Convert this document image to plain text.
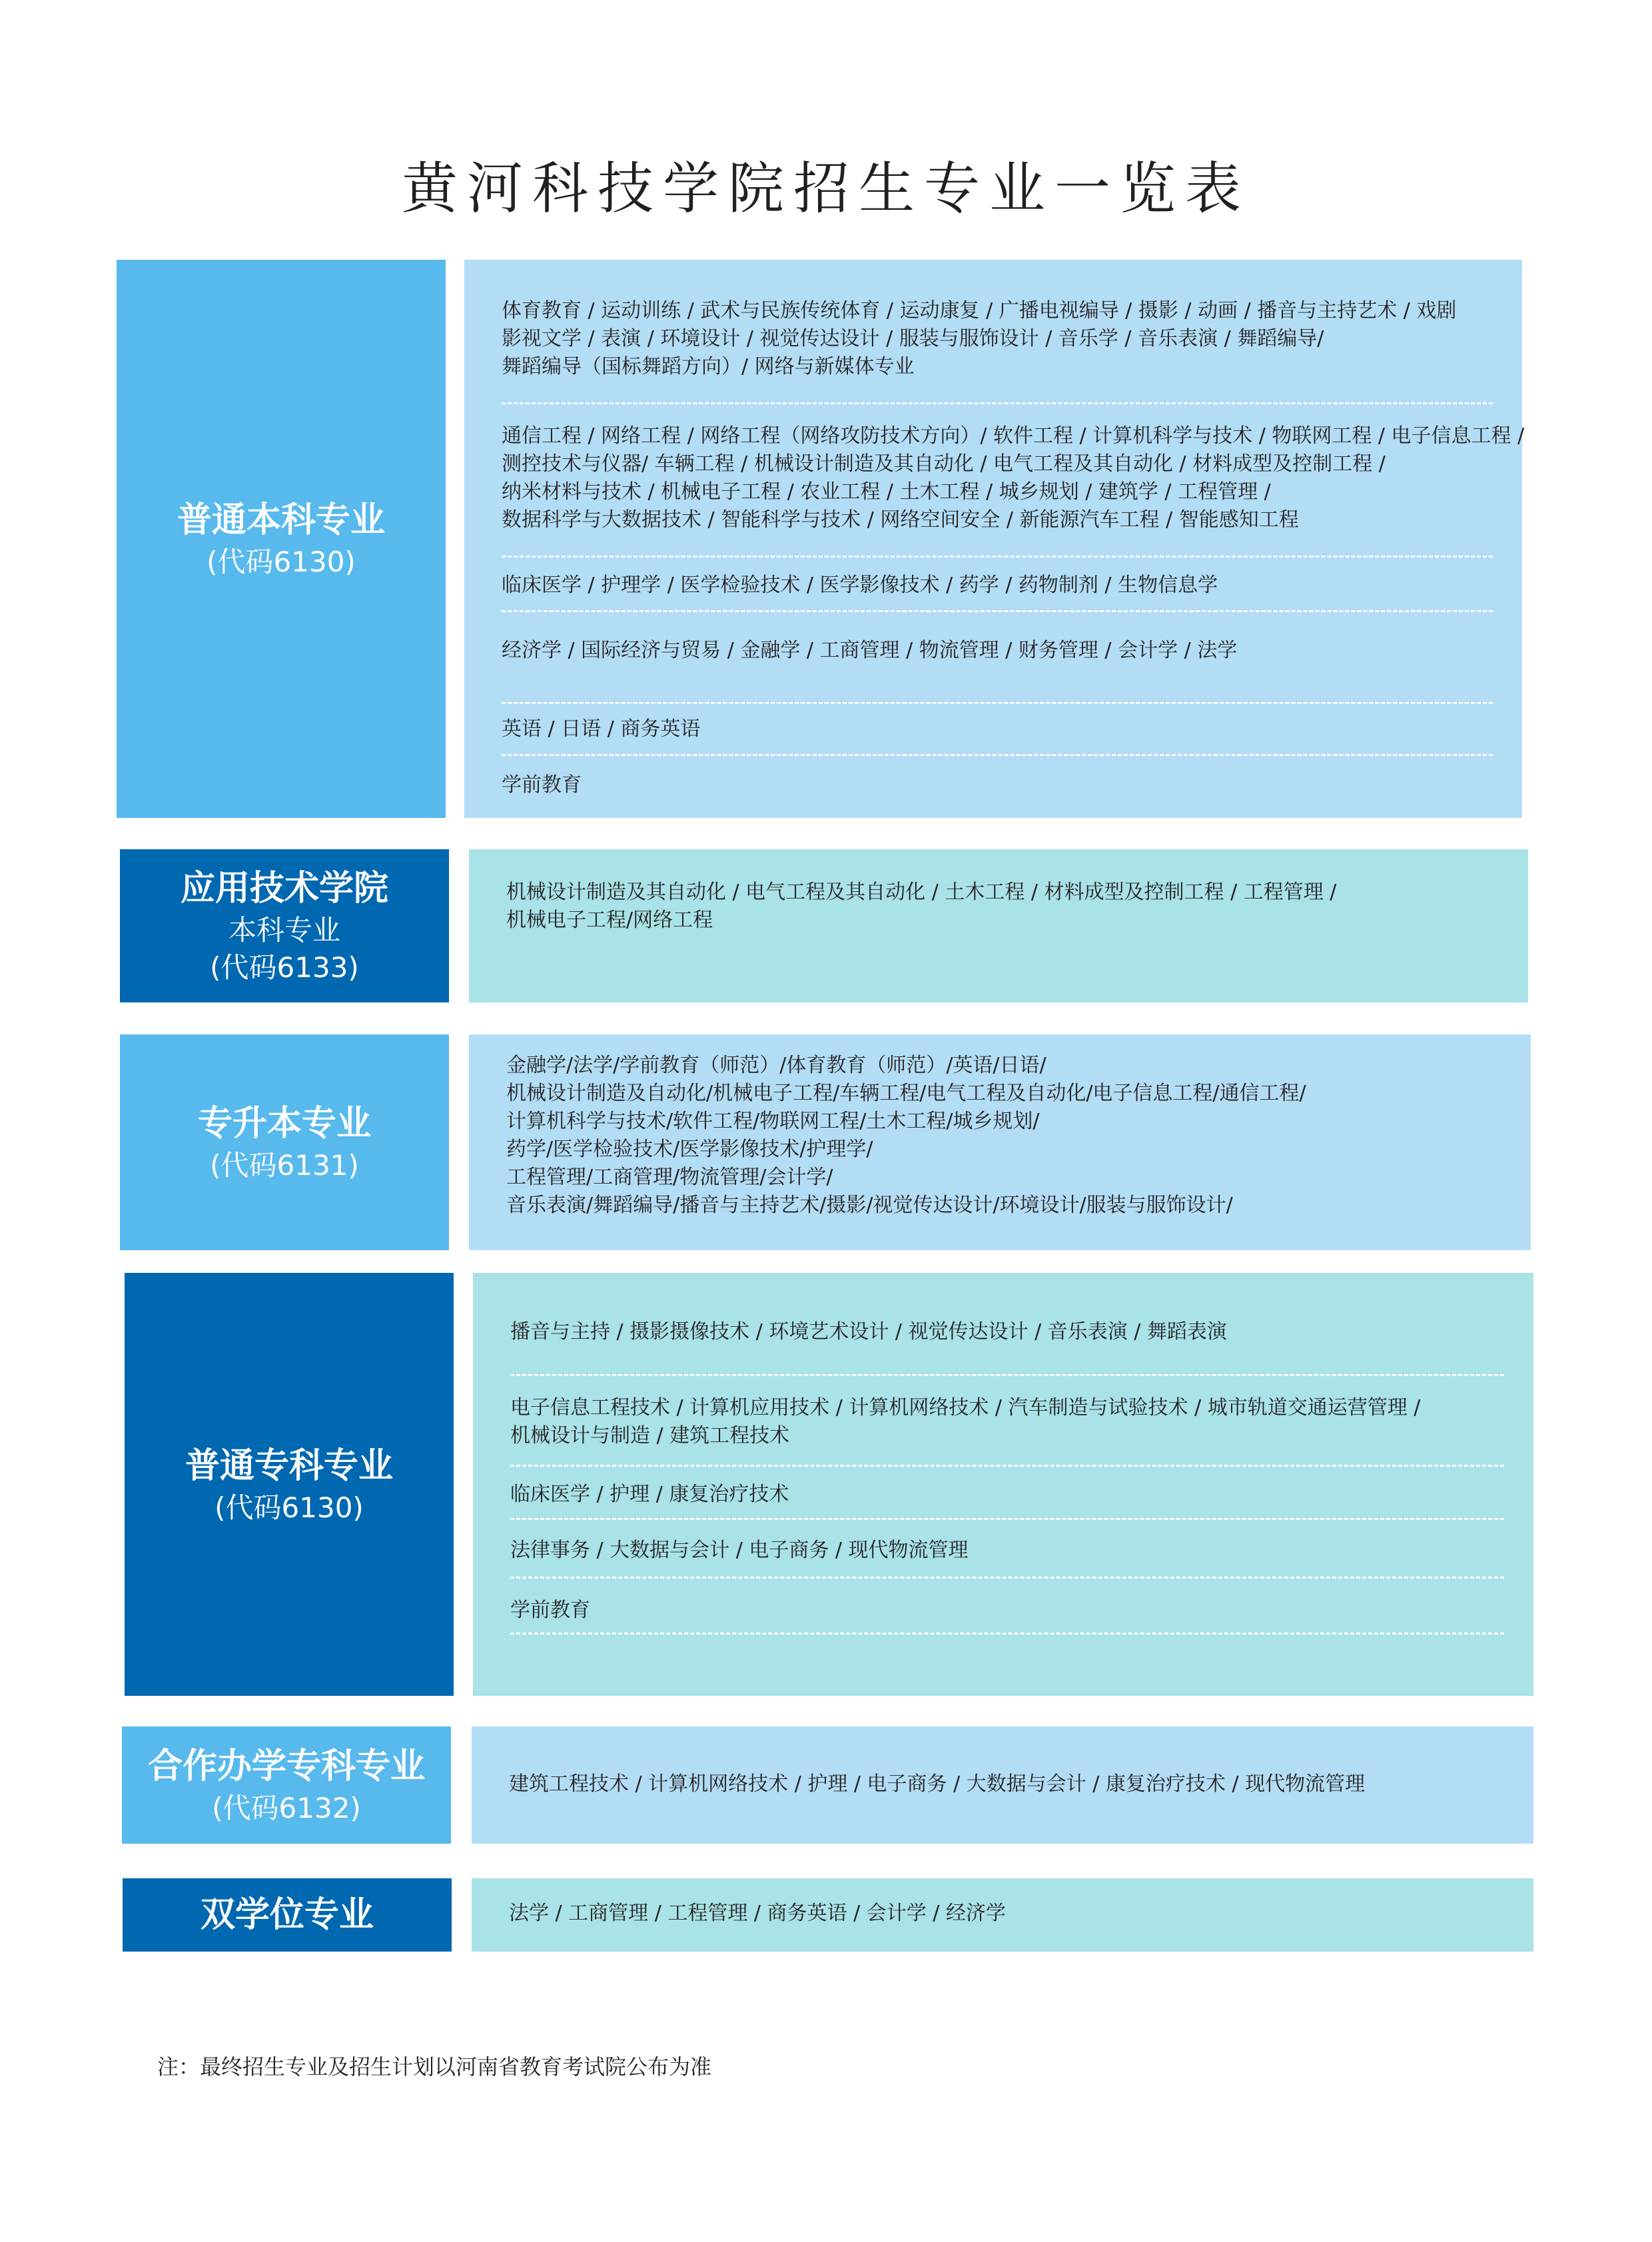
黄河科技学院招生专业一览表
普通本科专业
(代码6130)
体育教育 / 运动训练 / 武术与民族传统体育 / 运动康复 / 广播电视编导 / 摄影 / 动画 / 播音与主持艺术 / 戏剧
影视文学 / 表演 / 环境设计 / 视觉传达设计 / 服装与服饰设计 / 音乐学 / 音乐表演 / 舞蹈编导/
舞蹈编导（国标舞蹈方向）/ 网络与新媒体专业
通信工程 / 网络工程 / 网络工程（网络攻防技术方向）/ 软件工程 / 计算机科学与技术 / 物联网工程 / 电子信息工程 /
测控技术与仪器/ 车辆工程 / 机械设计制造及其自动化 / 电气工程及其自动化 / 材料成型及控制工程 /
纳米材料与技术 / 机械电子工程 / 农业工程 / 土木工程 / 城乡规划 / 建筑学 / 工程管理 /
数据科学与大数据技术 / 智能科学与技术 / 网络空间安全 / 新能源汽车工程 / 智能感知工程
临床医学 / 护理学 / 医学检验技术 / 医学影像技术 / 药学 / 药物制剂 / 生物信息学
经济学 / 国际经济与贸易 / 金融学 / 工商管理 / 物流管理 / 财务管理 / 会计学 / 法学
英语 / 日语 / 商务英语
学前教育
应用技术学院
本科专业
(代码6133)
机械设计制造及其自动化 / 电气工程及其自动化 / 土木工程 / 材料成型及控制工程 / 工程管理 /
机械电子工程/网络工程
专升本专业
(代码6131)
金融学/法学/学前教育（师范）/体育教育（师范）/英语/日语/
机械设计制造及自动化/机械电子工程/车辆工程/电气工程及自动化/电子信息工程/通信工程/
计算机科学与技术/软件工程/物联网工程/土木工程/城乡规划/
药学/医学检验技术/医学影像技术/护理学/
工程管理/工商管理/物流管理/会计学/
音乐表演/舞蹈编导/播音与主持艺术/摄影/视觉传达设计/环境设计/服装与服饰设计/
普通专科专业
(代码6130)
播音与主持 / 摄影摄像技术 / 环境艺术设计 / 视觉传达设计 / 音乐表演 / 舞蹈表演
电子信息工程技术 / 计算机应用技术 / 计算机网络技术 / 汽车制造与试验技术 / 城市轨道交通运营管理 /
机械设计与制造 / 建筑工程技术
临床医学 / 护理 / 康复治疗技术
法律事务 / 大数据与会计 / 电子商务 / 现代物流管理
学前教育
合作办学专科专业
(代码6132)
建筑工程技术 / 计算机网络技术 / 护理 / 电子商务 / 大数据与会计 / 康复治疗技术 / 现代物流管理
双学位专业	法学 / 工商管理 / 工程管理 / 商务英语 / 会计学 / 经济学
注：最终招生专业及招生计划以河南省教育考试院公布为准
